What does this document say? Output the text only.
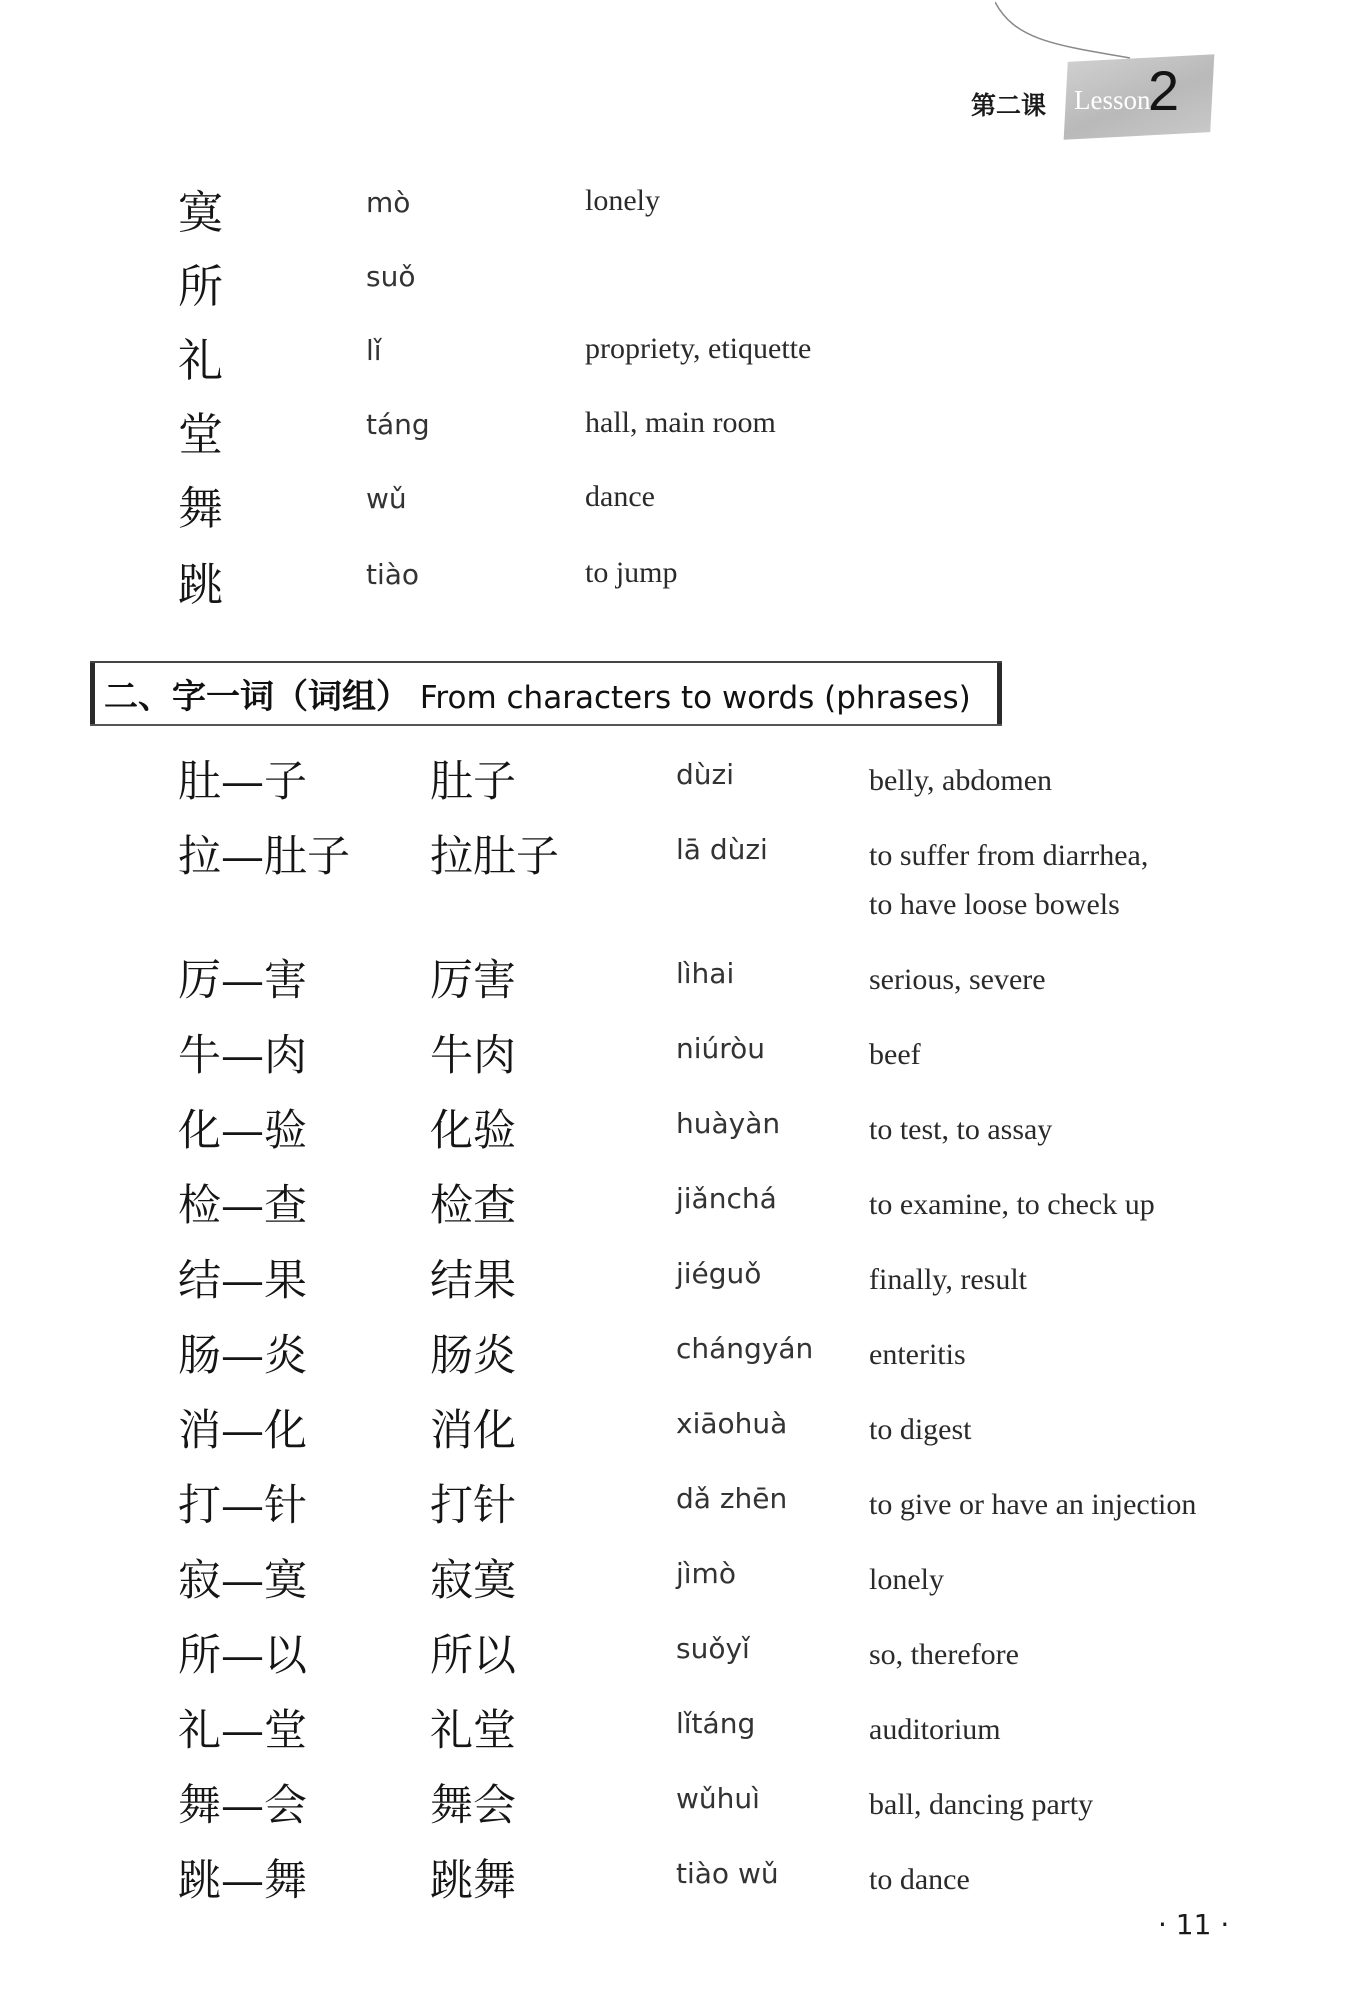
第二课 Lesson
2
寞	mò	lonely
所	suǒ
礼	lǐ	propriety, etiquette
堂	táng	hall, main room
舞	wǔ	dance
跳	tiào	to jump
二、字一词（词组） From characters to words (phrases)
肚—子	肚子	dùzi	belly, abdomen
拉—肚子 拉肚子	lā dùzi	to suffer from diarrhea,
to have loose bowels
厉—害	厉害	lìhai	serious, severe
牛—肉	牛肉	niúròu	beef
化—验	化验	huàyàn	to test, to assay
检—查	检查	jiǎnchá	to examine, to check up
结—果	结果	jiéguǒ	finally, result
肠—炎	肠炎	chángyán enteritis
消—化	消化	xiāohuà	to digest
打—针	打针	dǎ zhēn	to give or have an injection
寂—寞	寂寞	jìmò	lonely
所—以	所以	suǒyǐ	so, therefore
礼—堂	礼堂	lǐtáng	auditorium
舞—会	舞会	wǔhuì	ball, dancing party
跳—舞	跳舞	tiào wǔ	to dance
· 11 ·
